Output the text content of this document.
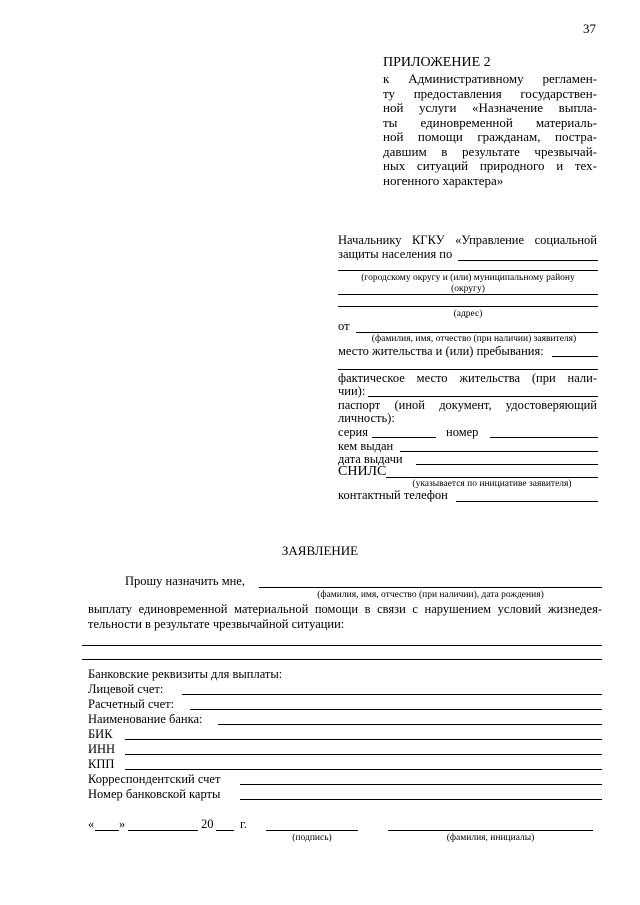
37
ПРИЛОЖЕНИЕ 2
к Административному регламен-
ту предоставления государствен-
ной услуги «Назначение выпла-
ты единовременной материаль-
ной помощи гражданам, постра-
давшим в результате чрезвычай-
ных ситуаций природного и тех-
ногенного характера»
Начальнику КГКУ «Управление социальной
защиты населения по
(городскому округу и (или) муниципальному району
(округу)
(адрес)
от
(фамилия, имя, отчество (при наличии) заявителя)
место жительства и (или) пребывания:
фактическое место жительства (при нали-
чии):
паспорт (иной документ, удостоверяющий
личность):
серия	номер
кем выдан
дата выдачи
СНИЛС
(указывается по инициативе заявителя)
контактный телефон
ЗАЯВЛЕНИЕ
Прошу назначить мне,
(фамилия, имя, отчество (при наличии), дата рождения)
выплату единовременной материальной помощи в связи с нарушением условий жизнедея-
тельности в результате чрезвычайной ситуации:
Банковские реквизиты для выплаты:
Лицевой счет:
Расчетный счет:
Наименование банка:
БИК
ИНН
КПП
Корреспондентский счет
Номер банковской карты
« »	20 г.
(подпись)	(фамилия, инициалы)
